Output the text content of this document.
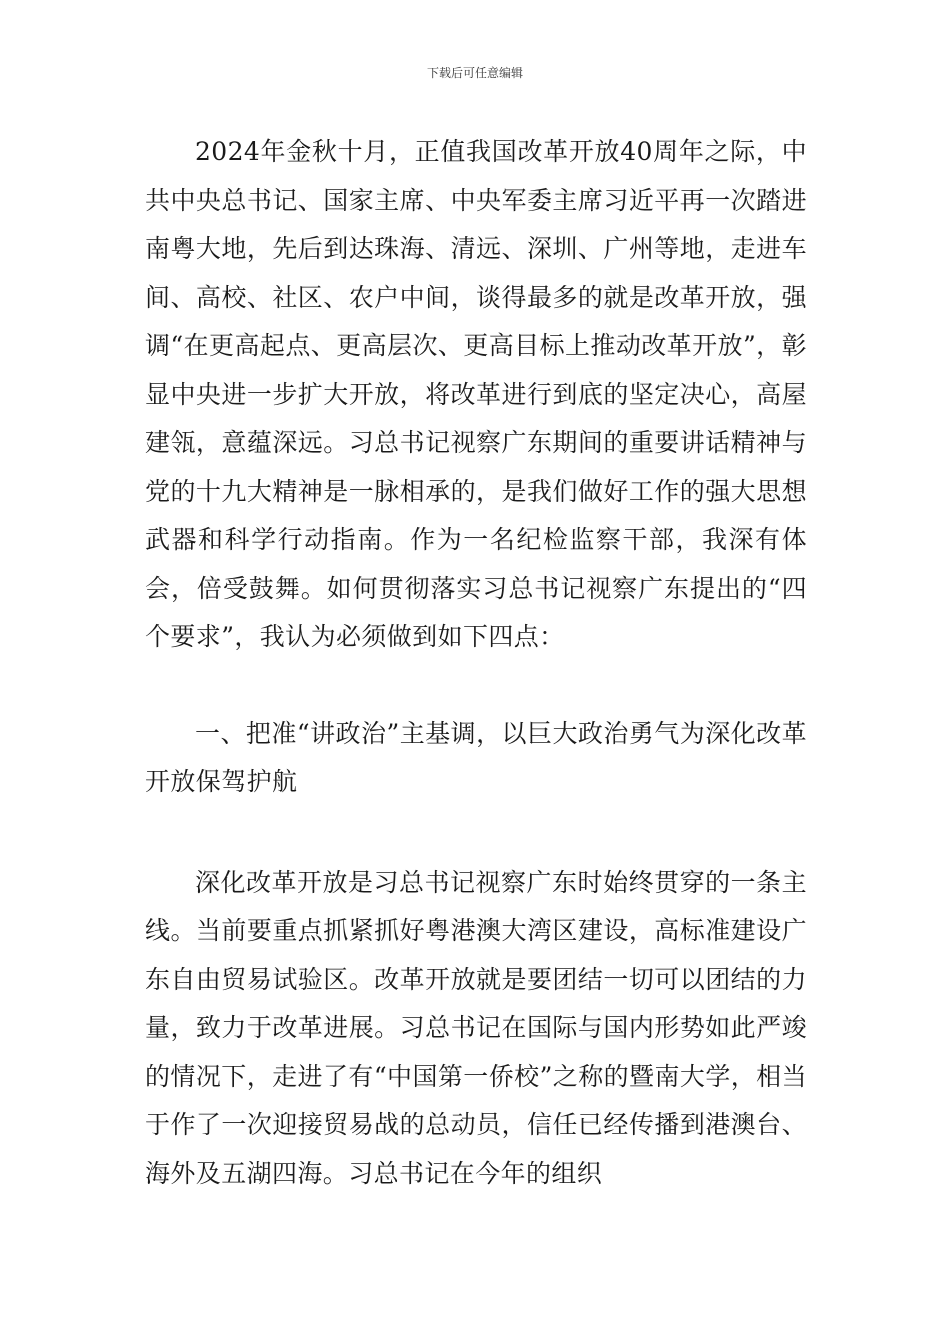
下载后可任意编辑

2024年金秋十月，正值我国改革开放40周年之际，中共中央总书记、国家主席、中央军委主席习近平再一次踏进南粤大地，先后到达珠海、清远、深圳、广州等地，走进车间、高校、社区、农户中间，谈得最多的就是改革开放，强调“在更高起点、更高层次、更高目标上推动改革开放”，彰显中央进一步扩大开放，将改革进行到底的坚定决心，高屋建瓴，意蕴深远。习总书记视察广东期间的重要讲话精神与党的十九大精神是一脉相承的，是我们做好工作的强大思想武器和科学行动指南。作为一名纪检监察干部，我深有体会，倍受鼓舞。如何贯彻落实习总书记视察广东提出的“四个要求”，我认为必须做到如下四点：

一、把准“讲政治”主基调，以巨大政治勇气为深化改革开放保驾护航

深化改革开放是习总书记视察广东时始终贯穿的一条主线。当前要重点抓紧抓好粤港澳大湾区建设，高标准建设广东自由贸易试验区。改革开放就是要团结一切可以团结的力量，致力于改革进展。习总书记在国际与国内形势如此严竣的情况下，走进了有“中国第一侨校”之称的暨南大学，相当于作了一次迎接贸易战的总动员，信任已经传播到港澳台、海外及五湖四海。习总书记在今年的组织
